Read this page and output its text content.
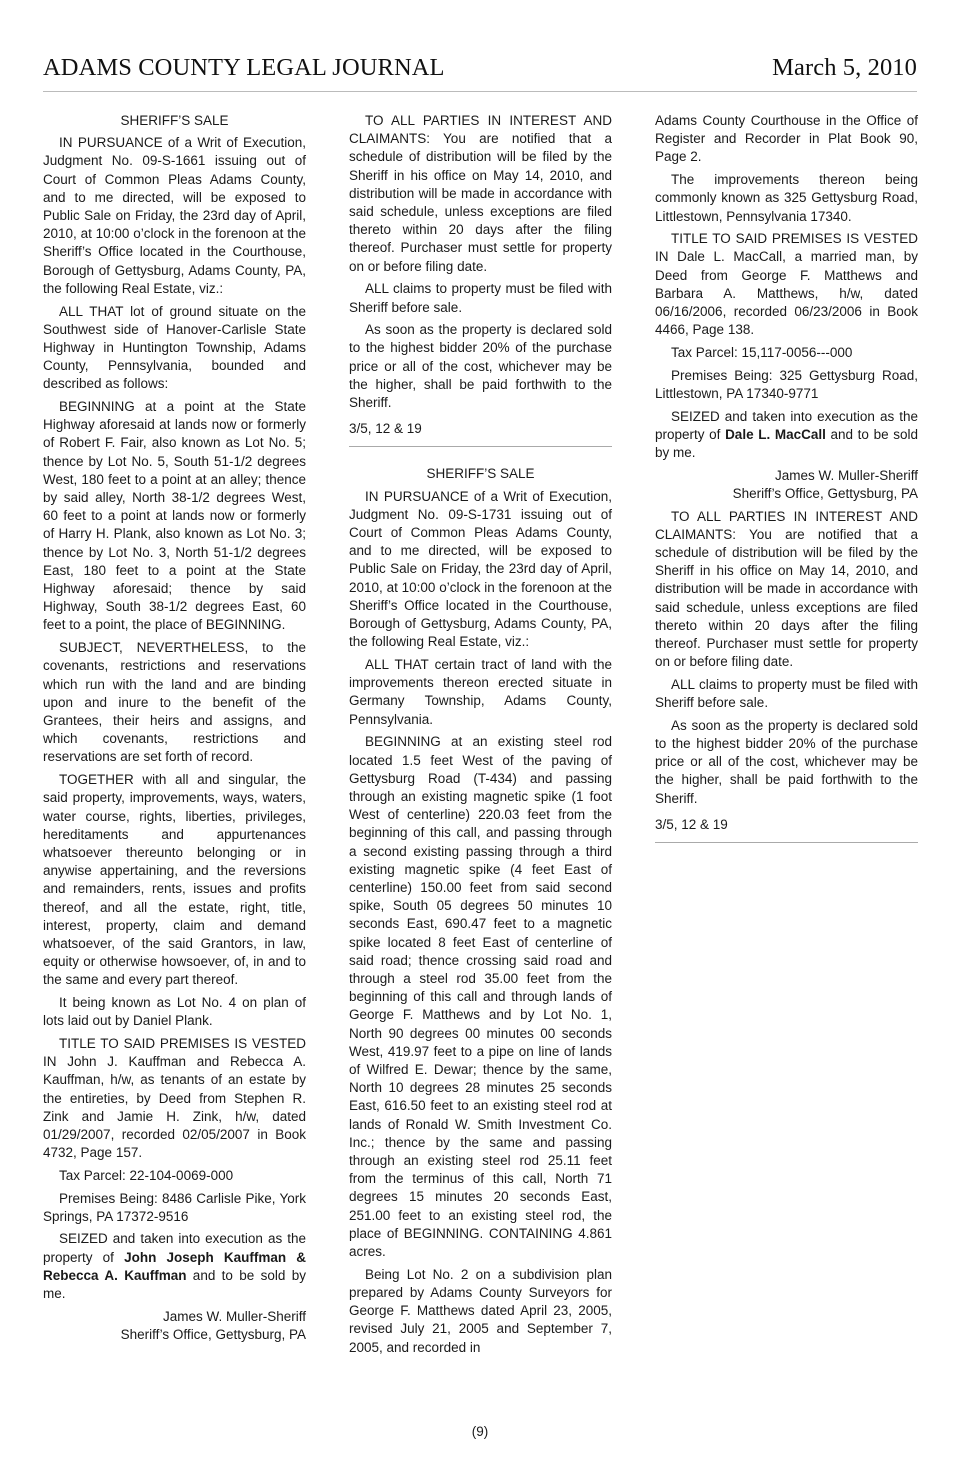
ADAMS COUNTY LEGAL JOURNAL	March 5, 2010

SHERIFF’S SALE

IN PURSUANCE of a Writ of Execution, Judgment No. 09-S-1661 issuing out of Court of Common Pleas Adams County, and to me directed, will be exposed to Public Sale on Friday, the 23rd day of April, 2010, at 10:00 o’clock in the forenoon at the Sheriff’s Office located in the Courthouse, Borough of Gettysburg, Adams County, PA, the following Real Estate, viz.:

ALL THAT lot of ground situate on the Southwest side of Hanover-Carlisle State Highway in Huntington Township, Adams County, Pennsylvania, bounded and described as follows:

BEGINNING at a point at the State Highway aforesaid at lands now or formerly of Robert F. Fair, also known as Lot No. 5; thence by Lot No. 5, South 51-1/2 degrees West, 180 feet to a point at an alley; thence by said alley, North 38-1/2 degrees West, 60 feet to a point at lands now or formerly of Harry H. Plank, also known as Lot No. 3; thence by Lot No. 3, North 51-1/2 degrees East, 180 feet to a point at the State Highway aforesaid; thence by said Highway, South 38-1/2 degrees East, 60 feet to a point, the place of BEGINNING.

SUBJECT, NEVERTHELESS, to the covenants, restrictions and reservations which run with the land and are binding upon and inure to the benefit of the Grantees, their heirs and assigns, and which covenants, restrictions and reservations are set forth of record.

TOGETHER with all and singular, the said property, improvements, ways, waters, water course, rights, liberties, privileges, hereditaments and appurtenances whatsoever thereunto belonging or in anywise appertaining, and the reversions and remainders, rents, issues and profits thereof, and all the estate, right, title, interest, property, claim and demand whatsoever, of the said Grantors, in law, equity or otherwise howsoever, of, in and to the same and every part thereof.

It being known as Lot No. 4 on plan of lots laid out by Daniel Plank.

TITLE TO SAID PREMISES IS VESTED IN John J. Kauffman and Rebecca A. Kauffman, h/w, as tenants of an estate by the entireties, by Deed from Stephen R. Zink and Jamie H. Zink, h/w, dated 01/29/2007, recorded 02/05/2007 in Book 4732, Page 157.

Tax Parcel: 22-104-0069-000

Premises Being: 8486 Carlisle Pike, York Springs, PA 17372-9516

SEIZED and taken into execution as the property of John Joseph Kauffman & Rebecca A. Kauffman and to be sold by me.

James W. Muller-Sheriff

Sheriff’s Office, Gettysburg, PA

TO ALL PARTIES IN INTEREST AND CLAIMANTS: You are notified that a schedule of distribution will be filed by the Sheriff in his office on May 14, 2010, and distribution will be made in accordance with said schedule, unless exceptions are filed thereto within 20 days after the filing thereof. Purchaser must settle for property on or before filing date.

ALL claims to property must be filed with Sheriff before sale.

As soon as the property is declared sold to the highest bidder 20% of the purchase price or all of the cost, whichever may be the higher, shall be paid forthwith to the Sheriff.

3/5, 12 & 19

SHERIFF’S SALE

IN PURSUANCE of a Writ of Execution, Judgment No. 09-S-1731 issuing out of Court of Common Pleas Adams County, and to me directed, will be exposed to Public Sale on Friday, the 23rd day of April, 2010, at 10:00 o’clock in the forenoon at the Sheriff’s Office located in the Courthouse, Borough of Gettysburg, Adams County, PA, the following Real Estate, viz.:

ALL THAT certain tract of land with the improvements thereon erected situate in Germany Township, Adams County, Pennsylvania.

BEGINNING at an existing steel rod located 1.5 feet West of the paving of Gettysburg Road (T-434) and passing through an existing magnetic spike (1 foot West of centerline) 220.03 feet from the beginning of this call, and passing through a second existing passing through a third existing magnetic spike (4 feet East of centerline) 150.00 feet from said second spike, South 05 degrees 50 minutes 10 seconds East, 690.47 feet to a magnetic spike located 8 feet East of centerline of said road; thence crossing said road and through a steel rod 35.00 feet from the beginning of this call and through lands of George F. Matthews and by Lot No. 1, North 90 degrees 00 minutes 00 seconds West, 419.97 feet to a pipe on line of lands of Wilfred E. Dewar; thence by the same, North 10 degrees 28 minutes 25 seconds East, 616.50 feet to an existing steel rod at lands of Ronald W. Smith Investment Co. Inc.; thence by the same and passing through an existing steel rod 25.11 feet from the terminus of this call, North 71 degrees 15 minutes 20 seconds East, 251.00 feet to an existing steel rod, the place of BEGINNING. CONTAINING 4.861 acres.

Being Lot No. 2 on a subdivision plan prepared by Adams County Surveyors for George F. Matthews dated April 23, 2005, revised July 21, 2005 and September 7, 2005, and recorded in

Adams County Courthouse in the Office of Register and Recorder in Plat Book 90, Page 2.

The improvements thereon being commonly known as 325 Gettysburg Road, Littlestown, Pennsylvania 17340.

TITLE TO SAID PREMISES IS VESTED IN Dale L. MacCall, a married man, by Deed from George F. Matthews and Barbara A. Matthews, h/w, dated 06/16/2006, recorded 06/23/2006 in Book 4466, Page 138.

Tax Parcel: 15,117-0056---000

Premises Being: 325 Gettysburg Road, Littlestown, PA 17340-9771

SEIZED and taken into execution as the property of Dale L. MacCall and to be sold by me.

James W. Muller-Sheriff

Sheriff’s Office, Gettysburg, PA

TO ALL PARTIES IN INTEREST AND CLAIMANTS: You are notified that a schedule of distribution will be filed by the Sheriff in his office on May 14, 2010, and distribution will be made in accordance with said schedule, unless exceptions are filed thereto within 20 days after the filing thereof. Purchaser must settle for property on or before filing date.

ALL claims to property must be filed with Sheriff before sale.

As soon as the property is declared sold to the highest bidder 20% of the purchase price or all of the cost, whichever may be the higher, shall be paid forthwith to the Sheriff.

3/5, 12 & 19

(9)
